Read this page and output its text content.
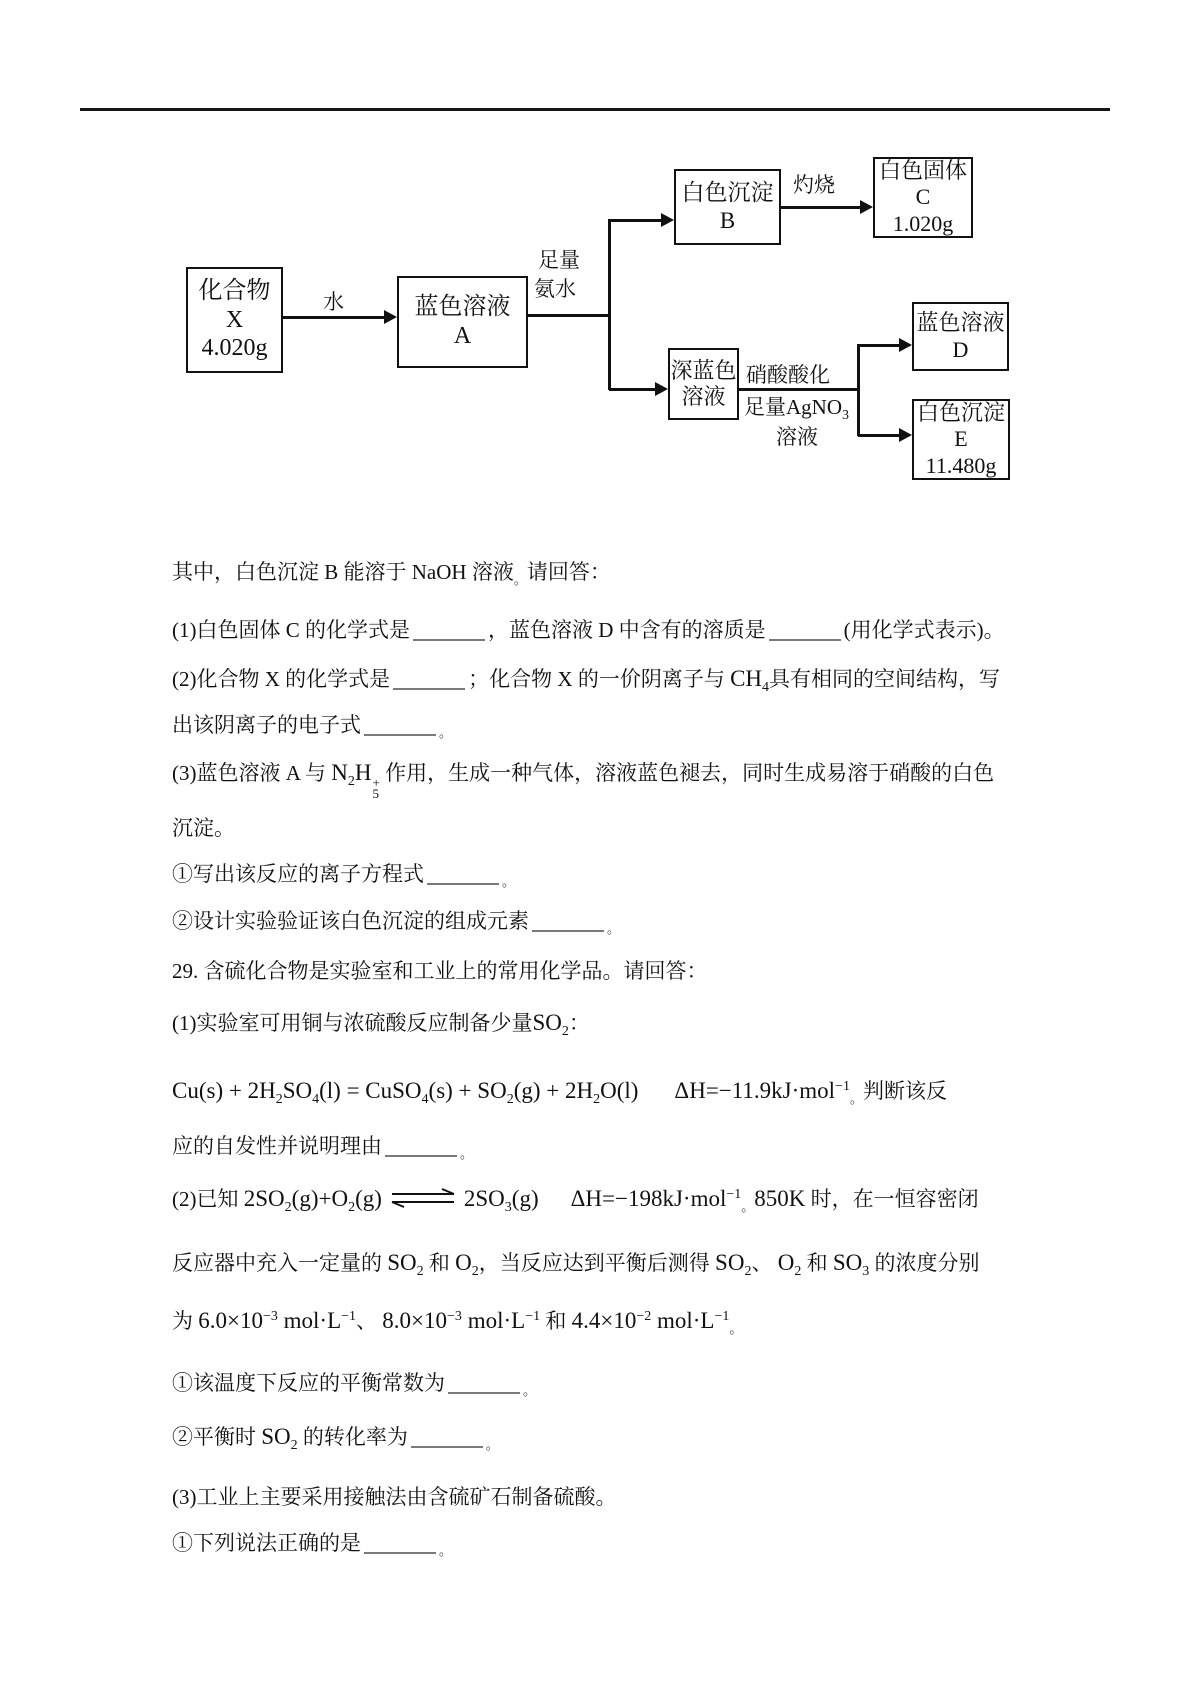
化合物
X
4.020g
蓝色溶液
A
白色沉淀
B
白色固体
C
1.020g
深蓝色
溶液
蓝色溶液
D
白色沉淀
E
11.480g
水
足量
氨水
灼烧
硝酸酸化
足量AgNO$_3$
溶液
其中，白色沉淀 B 能溶于 NaOH 溶液$_。$请回答：
(1)白色固体 C 的化学式是	，蓝色溶液 D 中含有的溶质是	(用化学式表示)。
(2)化合物 X 的化学式是	；化合物 X 的一价阴离子与 $CH_4$具有相同的空间结构，写
出该阴离子的电子式	$_。$
(3)蓝色溶液 A 与 $N_2H$ +
5
作用，生成一种气体，溶液蓝色褪去，同时生成易溶于硝酸的白色
沉淀。
①写出该反应的离子方程式	$_。$
②设计实验验证该白色沉淀的组成元素	$_。$
29. 含硫化合物是实验室和工业上的常用化学品。请回答：
(1)实验室可用铜与浓硫酸反应制备少量$SO_2$：
$Cu(s) + 2H_2SO_4(l)$ = CuSO$_4$(s) + $SO_2(g) + 2H_2O(l)$ ΔH=−11.9kJ·mol$^{-1}_。$判断该反
应的自发性并说明理由	$_。$
(2)已知 $2SO_2(g)+O_2(g)$ ⇌ $2SO_3(g)$ ΔH=−198kJ·mol$^{-1}_。$850K 时，在一恒容密闭
反应器中充入一定量的 $SO_2$ 和 $O_2$，当反应达到平衡后测得 $SO_2$、 $O_2$ 和 $SO_3$ 的浓度分别
为 $6.0\times 10^{-3}$ $mol\cdot L^{-1}$、 $8.0\times 10^{-3}$ $mol\cdot L^{-1}$ 和 $4.4\times 10^{-2}$ $mol\cdot L^{-1}_。$
①该温度下反应的平衡常数为	$_。$
②平衡时 $SO_2$ 的转化率为	$_。$
(3)工业上主要采用接触法由含硫矿石制备硫酸。
①下列说法正确的是	$_。$
